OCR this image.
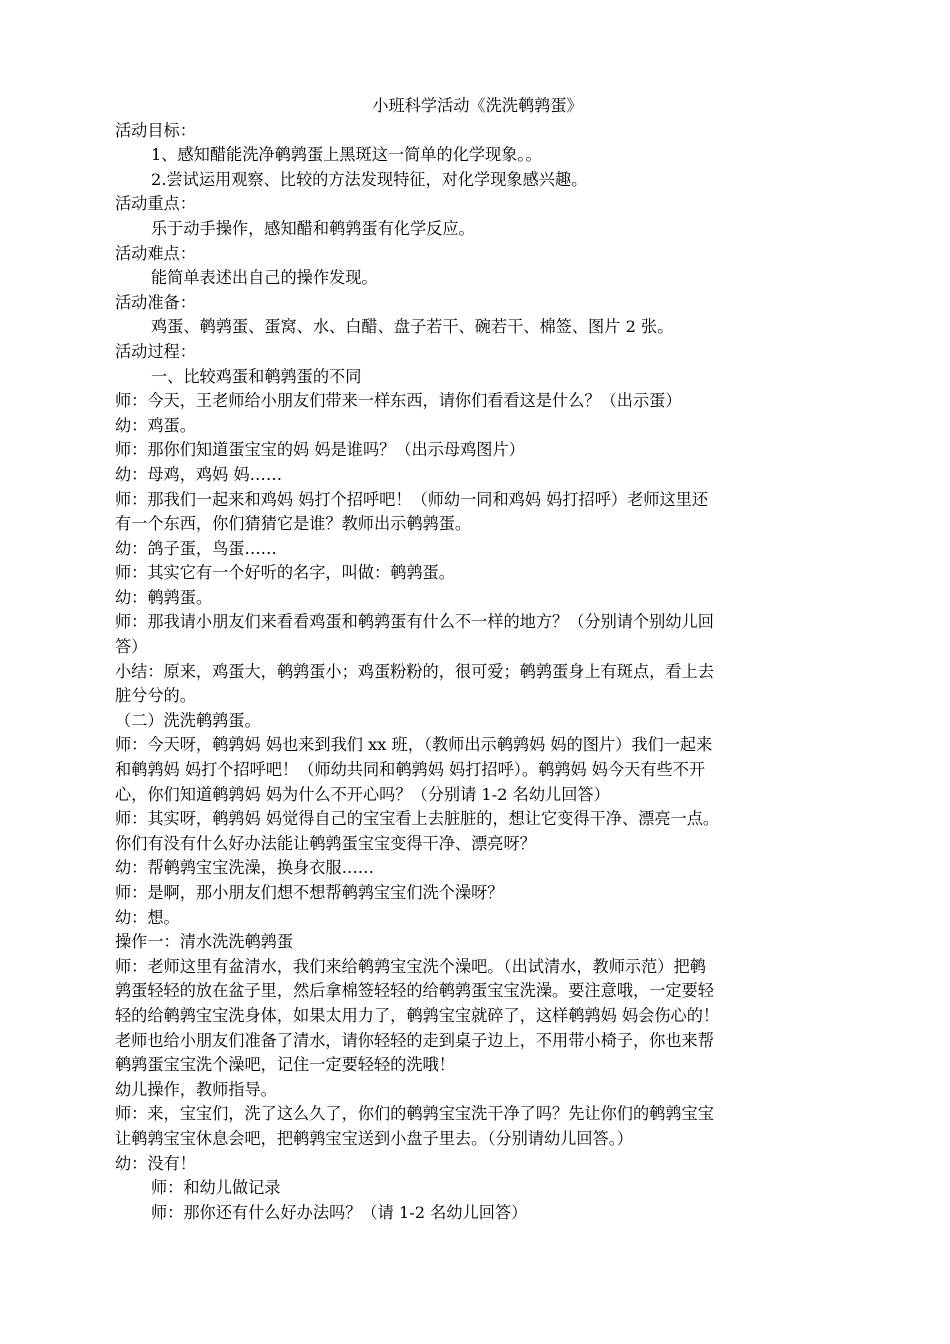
小班科学活动《洗洗鹌鹑蛋》
活动目标：
1、感知醋能洗净鹌鹑蛋上黑斑这一简单的化学现象。。
2.尝试运用观察、比较的方法发现特征，对化学现象感兴趣。
活动重点：
乐于动手操作，感知醋和鹌鹑蛋有化学反应。
活动难点：
能简单表述出自己的操作发现。
活动准备：
鸡蛋、鹌鹑蛋、蛋窝、水、白醋、盘子若干、碗若干、棉签、图片 2 张。
活动过程：
一、比较鸡蛋和鹌鹑蛋的不同
师：今天，王老师给小朋友们带来一样东西，请你们看看这是什么？（出示蛋）
幼：鸡蛋。
师：那你们知道蛋宝宝的妈 妈是谁吗？（出示母鸡图片）
幼：母鸡，鸡妈 妈……
师：那我们一起来和鸡妈 妈打个招呼吧！（师幼一同和鸡妈 妈打招呼）老师这里还
有一个东西，你们猜猜它是谁？教师出示鹌鹑蛋。
幼：鸽子蛋，鸟蛋……
师：其实它有一个好听的名字，叫做：鹌鹑蛋。
幼：鹌鹑蛋。
师：那我请小朋友们来看看鸡蛋和鹌鹑蛋有什么不一样的地方？（分别请个别幼儿回
答）
小结：原来，鸡蛋大，鹌鹑蛋小；鸡蛋粉粉的，很可爱；鹌鹑蛋身上有斑点，看上去
脏兮兮的。
（二）洗洗鹌鹑蛋。
师：今天呀，鹌鹑妈 妈也来到我们 xx 班，（教师出示鹌鹑妈 妈的图片）我们一起来
和鹌鹑妈 妈打个招呼吧！（师幼共同和鹌鹑妈 妈打招呼）。鹌鹑妈 妈今天有些不开
心，你们知道鹌鹑妈 妈为什么不开心吗？（分别请 1-2 名幼儿回答）
师：其实呀，鹌鹑妈 妈觉得自己的宝宝看上去脏脏的，想让它变得干净、漂亮一点。
你们有没有什么好办法能让鹌鹑蛋宝宝变得干净、漂亮呀？
幼：帮鹌鹑宝宝洗澡，换身衣服……
师：是啊，那小朋友们想不想帮鹌鹑宝宝们洗个澡呀？
幼：想。
操作一：清水洗洗鹌鹑蛋
师：老师这里有盆清水，我们来给鹌鹑宝宝洗个澡吧。（出试清水，教师示范）把鹌
鹑蛋轻轻的放在盆子里，然后拿棉签轻轻的给鹌鹑蛋宝宝洗澡。要注意哦，一定要轻
轻的给鹌鹑宝宝洗身体，如果太用力了，鹌鹑宝宝就碎了，这样鹌鹑妈 妈会伤心的！
老师也给小朋友们准备了清水，请你轻轻的走到桌子边上，不用带小椅子，你也来帮
鹌鹑蛋宝宝洗个澡吧，记住一定要轻轻的洗哦！
幼儿操作，教师指导。
师：来，宝宝们，洗了这么久了，你们的鹌鹑宝宝洗干净了吗？先让你们的鹌鹑宝宝
让鹌鹑宝宝休息会吧，把鹌鹑宝宝送到小盘子里去。（分别请幼儿回答。）
幼：没有！
师：和幼儿做记录
师：那你还有什么好办法吗？（请 1-2 名幼儿回答）
